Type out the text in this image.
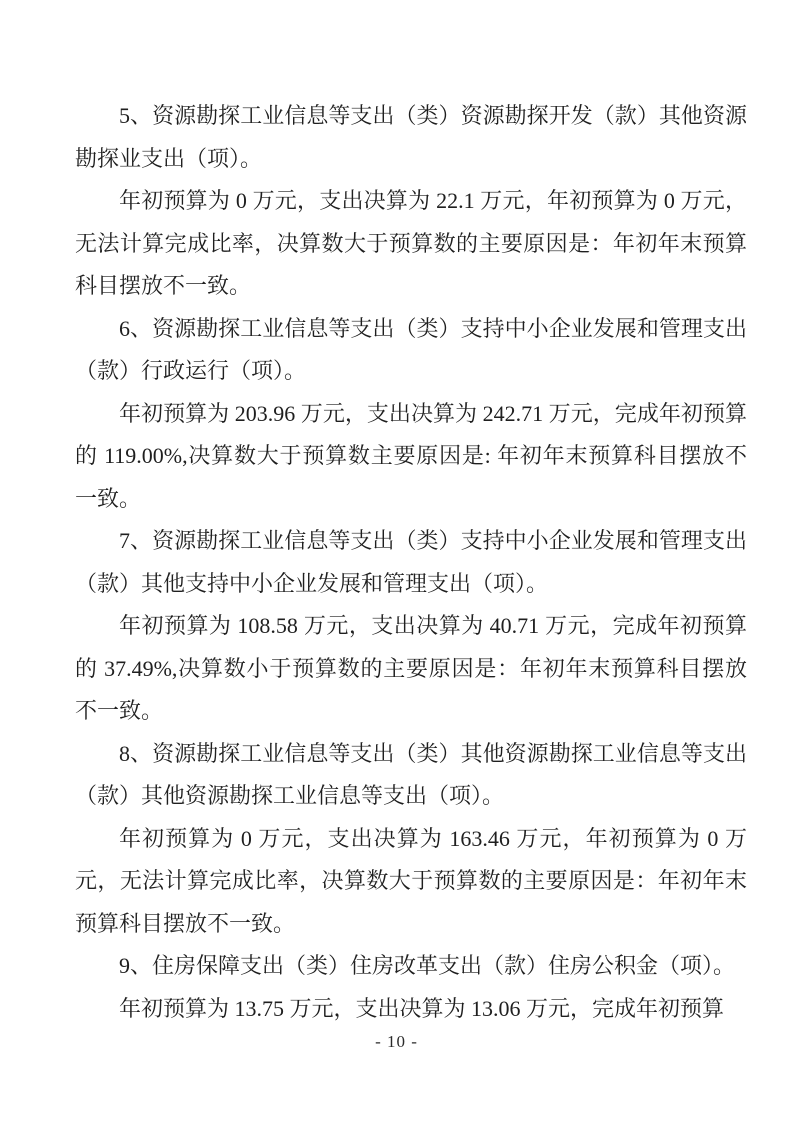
5、资源勘探工业信息等支出（类）资源勘探开发（款）其他资源勘探业支出（项）。

年初预算为 0 万元，支出决算为 22.1 万元，年初预算为 0 万元，无法计算完成比率，决算数大于预算数的主要原因是：年初年末预算科目摆放不一致。

6、资源勘探工业信息等支出（类）支持中小企业发展和管理支出（款）行政运行（项）。

年初预算为 203.96 万元，支出决算为 242.71 万元，完成年初预算的 119.00%,决算数大于预算数主要原因是: 年初年末预算科目摆放不一致。

7、资源勘探工业信息等支出（类）支持中小企业发展和管理支出（款）其他支持中小企业发展和管理支出（项）。

年初预算为 108.58 万元，支出决算为 40.71 万元，完成年初预算的 37.49%,决算数小于预算数的主要原因是：年初年末预算科目摆放不一致。

8、资源勘探工业信息等支出（类）其他资源勘探工业信息等支出（款）其他资源勘探工业信息等支出（项）。

年初预算为 0 万元，支出决算为 163.46 万元，年初预算为 0 万元，无法计算完成比率，决算数大于预算数的主要原因是：年初年末预算科目摆放不一致。

9、住房保障支出（类）住房改革支出（款）住房公积金（项）。

年初预算为 13.75 万元，支出决算为 13.06 万元，完成年初预算

- 10 -
